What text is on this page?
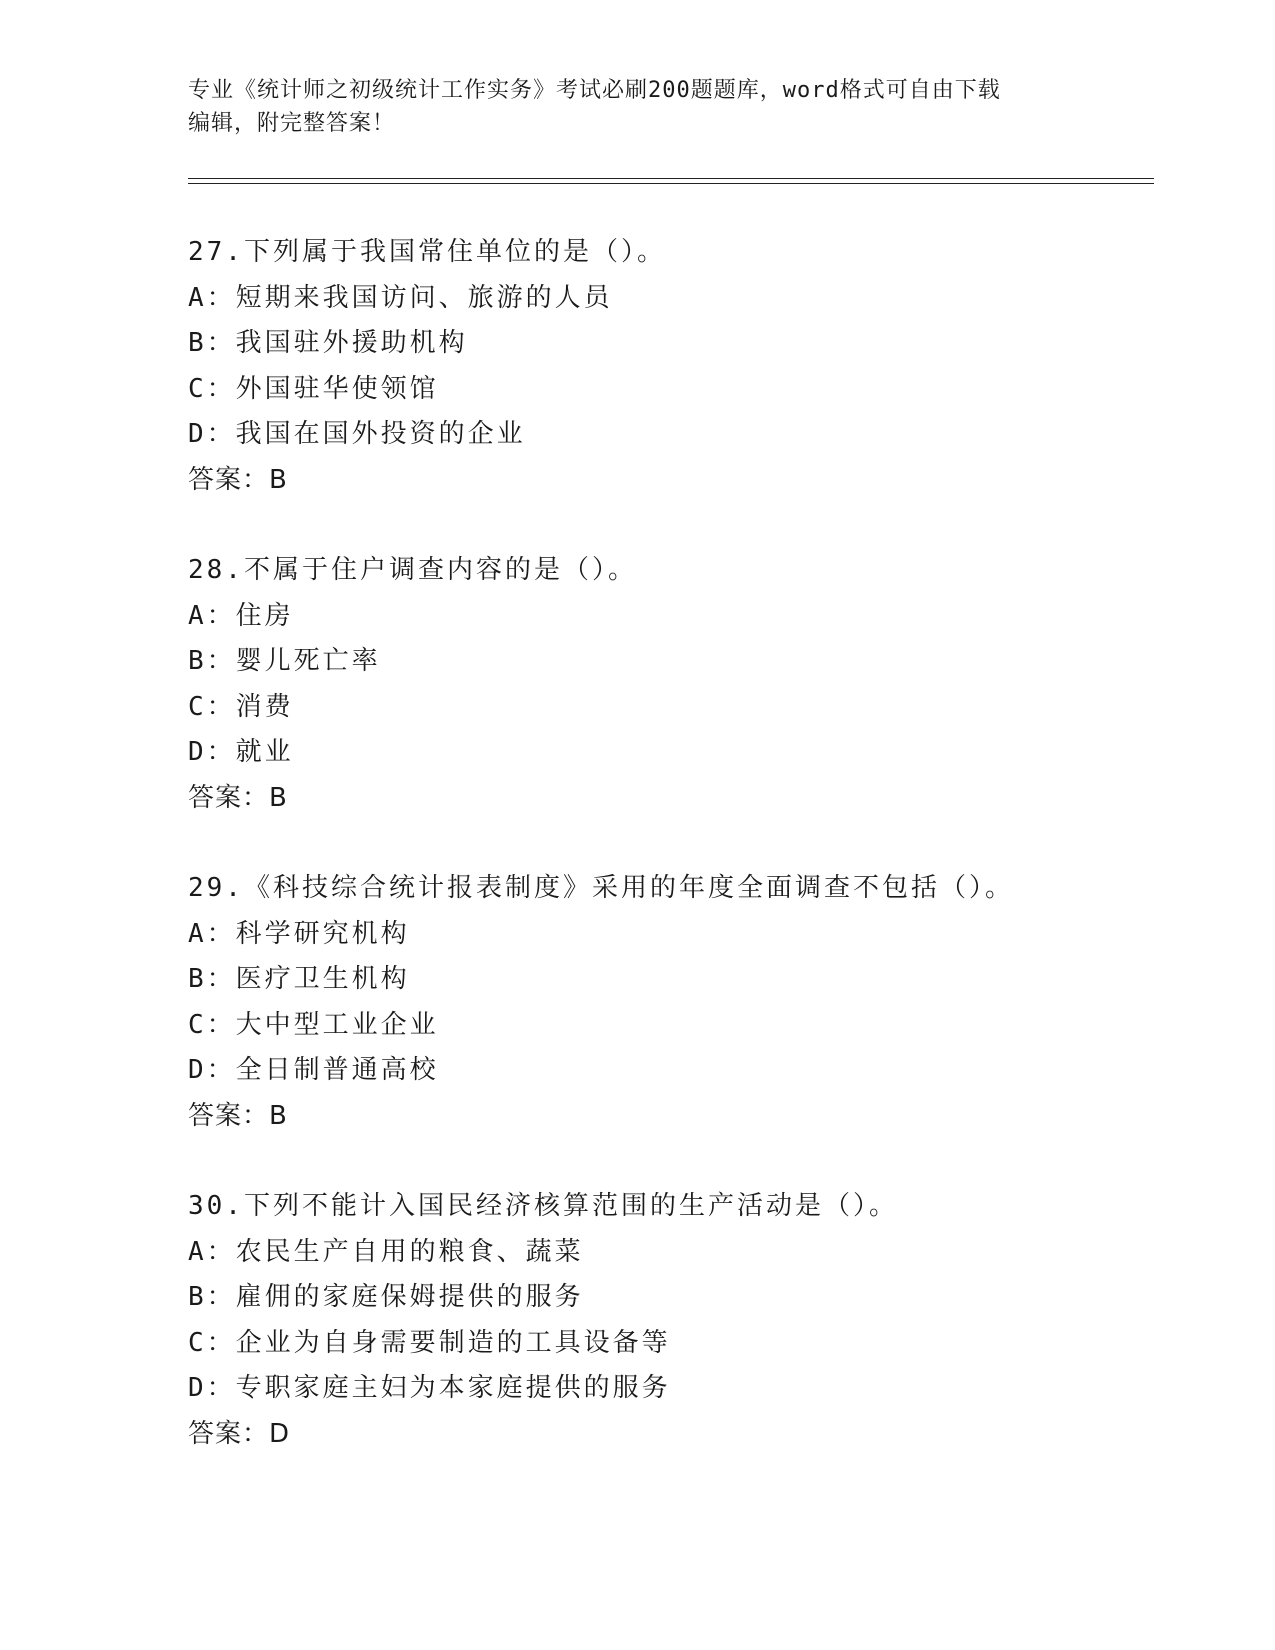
专业《统计师之初级统计工作实务》考试必刷200题题库，word格式可自由下载
编辑，附完整答案！
27.下列属于我国常住单位的是（）。
A：短期来我国访问、旅游的人员
B：我国驻外援助机构
C：外国驻华使领馆
D：我国在国外投资的企业
答案：B
28.不属于住户调查内容的是（）。
A：住房
B：婴儿死亡率
C：消费
D：就业
答案：B
29.《科技综合统计报表制度》采用的年度全面调查不包括（）。
A：科学研究机构
B：医疗卫生机构
C：大中型工业企业
D：全日制普通高校
答案：B
30.下列不能计入国民经济核算范围的生产活动是（）。
A：农民生产自用的粮食、蔬菜
B：雇佣的家庭保姆提供的服务
C：企业为自身需要制造的工具设备等
D：专职家庭主妇为本家庭提供的服务
答案：D
